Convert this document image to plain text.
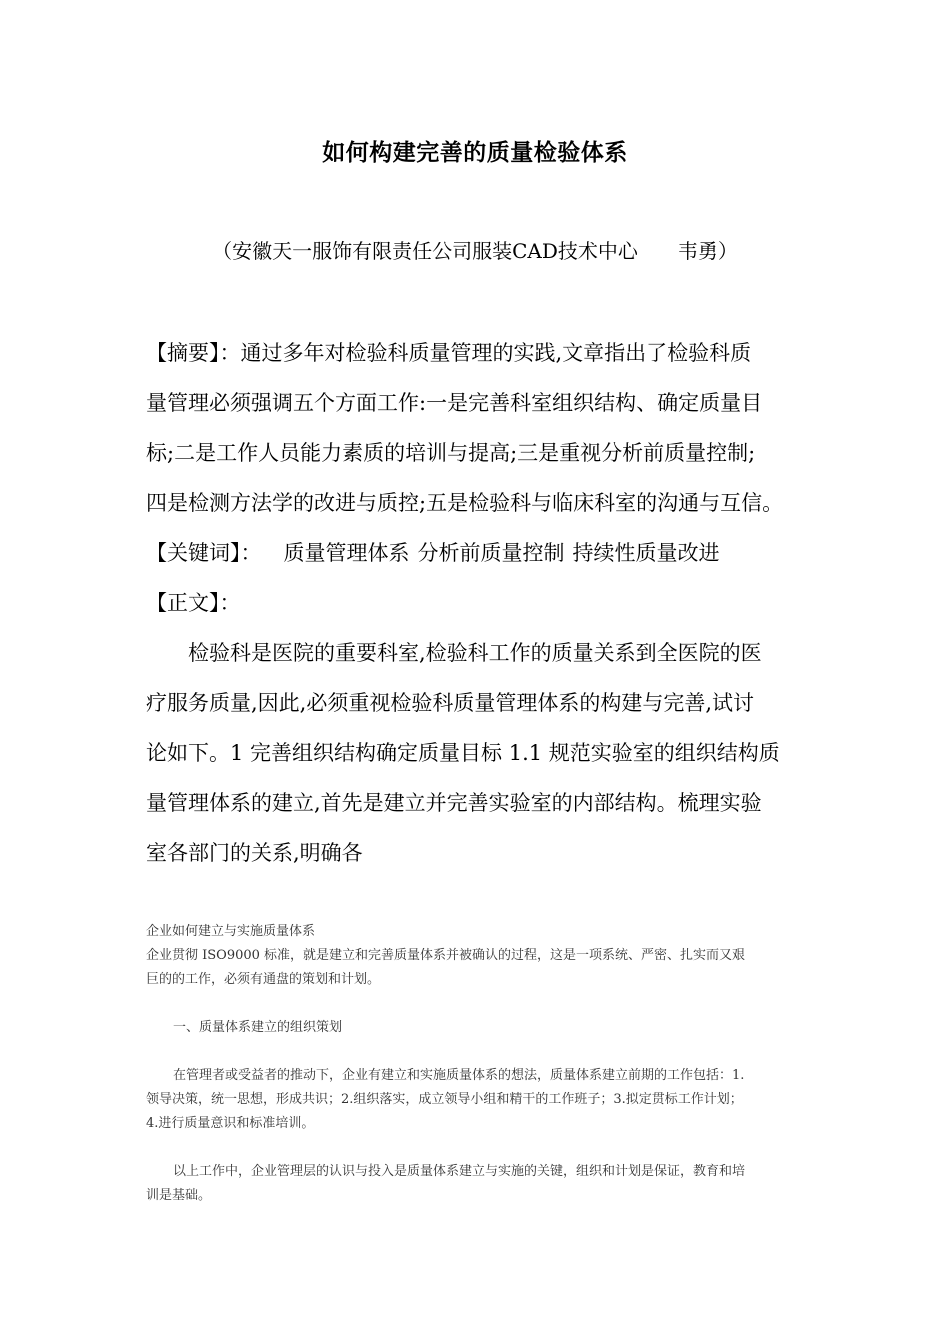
如何构建完善的质量检验体系
（安徽天一服饰有限责任公司服装CAD技术中心　　韦勇）
【摘要】：通过多年对检验科质量管理的实践,文章指出了检验科质
量管理必须强调五个方面工作:一是完善科室组织结构、确定质量目
标;二是工作人员能力素质的培训与提高;三是重视分析前质量控制;
四是检测方法学的改进与质控;五是检验科与临床科室的沟通与互信。
【关键词】： 质量管理体系 分析前质量控制 持续性质量改进
【正文】：
检验科是医院的重要科室,检验科工作的质量关系到全医院的医
疗服务质量,因此,必须重视检验科质量管理体系的构建与完善,试讨
论如下。1 完善组织结构确定质量目标 1.1 规范实验室的组织结构质
量管理体系的建立,首先是建立并完善实验室的内部结构。梳理实验
室各部门的关系,明确各
企业如何建立与实施质量体系
企业贯彻 ISO9000 标准，就是建立和完善质量体系并被确认的过程，这是一项系统、严密、扎实而又艰
巨的的工作，必须有通盘的策划和计划。
一、质量体系建立的组织策划
在管理者或受益者的推动下，企业有建立和实施质量体系的想法，质量体系建立前期的工作包括：1.
领导决策，统一思想，形成共识；2.组织落实，成立领导小组和精干的工作班子；3.拟定贯标工作计划；
4.进行质量意识和标准培训。
以上工作中，企业管理层的认识与投入是质量体系建立与实施的关键，组织和计划是保证，教育和培
训是基础。
